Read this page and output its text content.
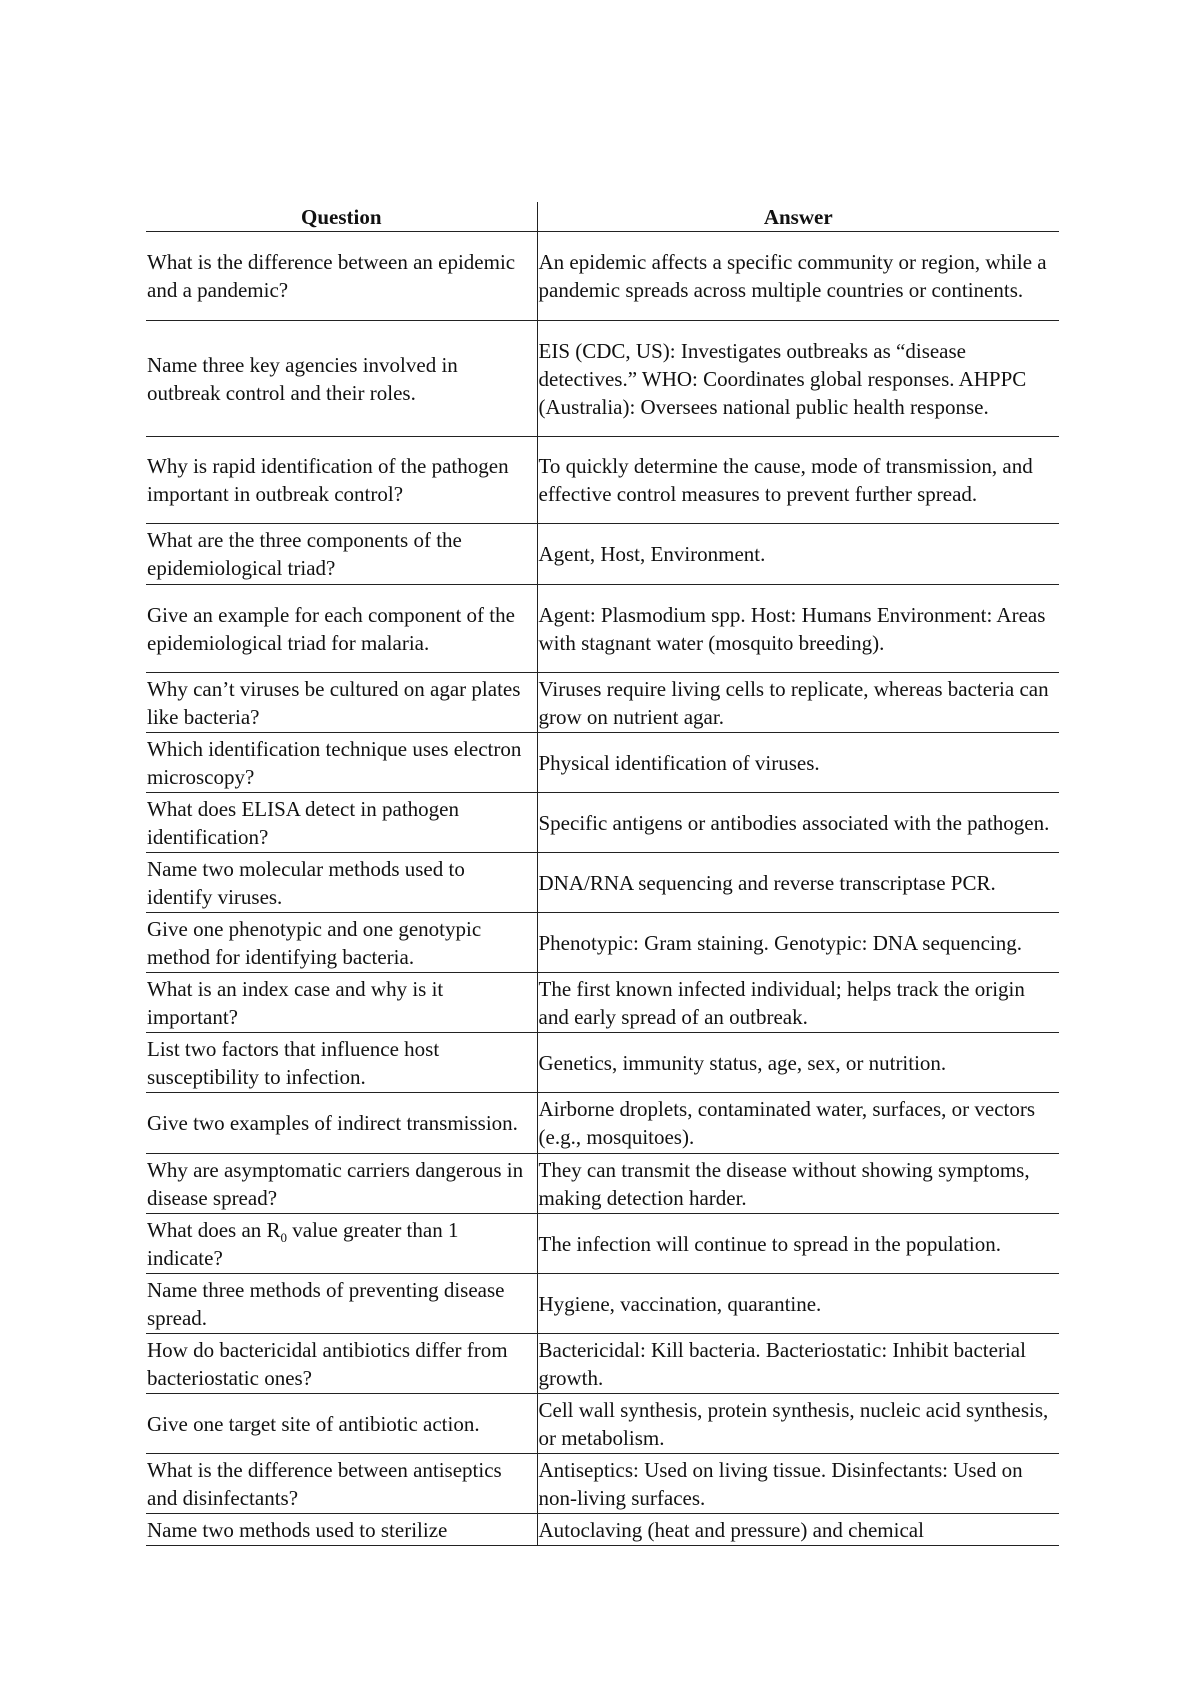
Question	Answer
What is the difference between an epidemic and a pandemic?	An epidemic affects a specific community or region, while a pandemic spreads across multiple countries or continents.
Name three key agencies involved in outbreak control and their roles.	EIS (CDC, US): Investigates outbreaks as “disease detectives.” WHO: Coordinates global responses. AHPPC (Australia): Oversees national public health response.
Why is rapid identification of the pathogen important in outbreak control?	To quickly determine the cause, mode of transmission, and effective control measures to prevent further spread.
What are the three components of the epidemiological triad?	Agent, Host, Environment.
Give an example for each component of the epidemiological triad for malaria.	Agent: Plasmodium spp. Host: Humans Environment: Areas with stagnant water (mosquito breeding).
Why can’t viruses be cultured on agar plates like bacteria?	Viruses require living cells to replicate, whereas bacteria can grow on nutrient agar.
Which identification technique uses electron microscopy?	Physical identification of viruses.
What does ELISA detect in pathogen identification?	Specific antigens or antibodies associated with the pathogen.
Name two molecular methods used to identify viruses.	DNA/RNA sequencing and reverse transcriptase PCR.
Give one phenotypic and one genotypic method for identifying bacteria.	Phenotypic: Gram staining. Genotypic: DNA sequencing.
What is an index case and why is it important?	The first known infected individual; helps track the origin and early spread of an outbreak.
List two factors that influence host susceptibility to infection.	Genetics, immunity status, age, sex, or nutrition.
Give two examples of indirect transmission.	Airborne droplets, contaminated water, surfaces, or vectors (e.g., mosquitoes).
Why are asymptomatic carriers dangerous in disease spread?	They can transmit the disease without showing symptoms, making detection harder.
What does an $R_0$ value greater than 1 indicate?	The infection will continue to spread in the population.
Name three methods of preventing disease spread.	Hygiene, vaccination, quarantine.
How do bactericidal antibiotics differ from bacteriostatic ones?	Bactericidal: Kill bacteria. Bacteriostatic: Inhibit bacterial growth.
Give one target site of antibiotic action.	Cell wall synthesis, protein synthesis, nucleic acid synthesis, or metabolism.
What is the difference between antiseptics and disinfectants?	Antiseptics: Used on living tissue. Disinfectants: Used on non-living surfaces.
Name two methods used to sterilize	Autoclaving (heat and pressure) and chemical
